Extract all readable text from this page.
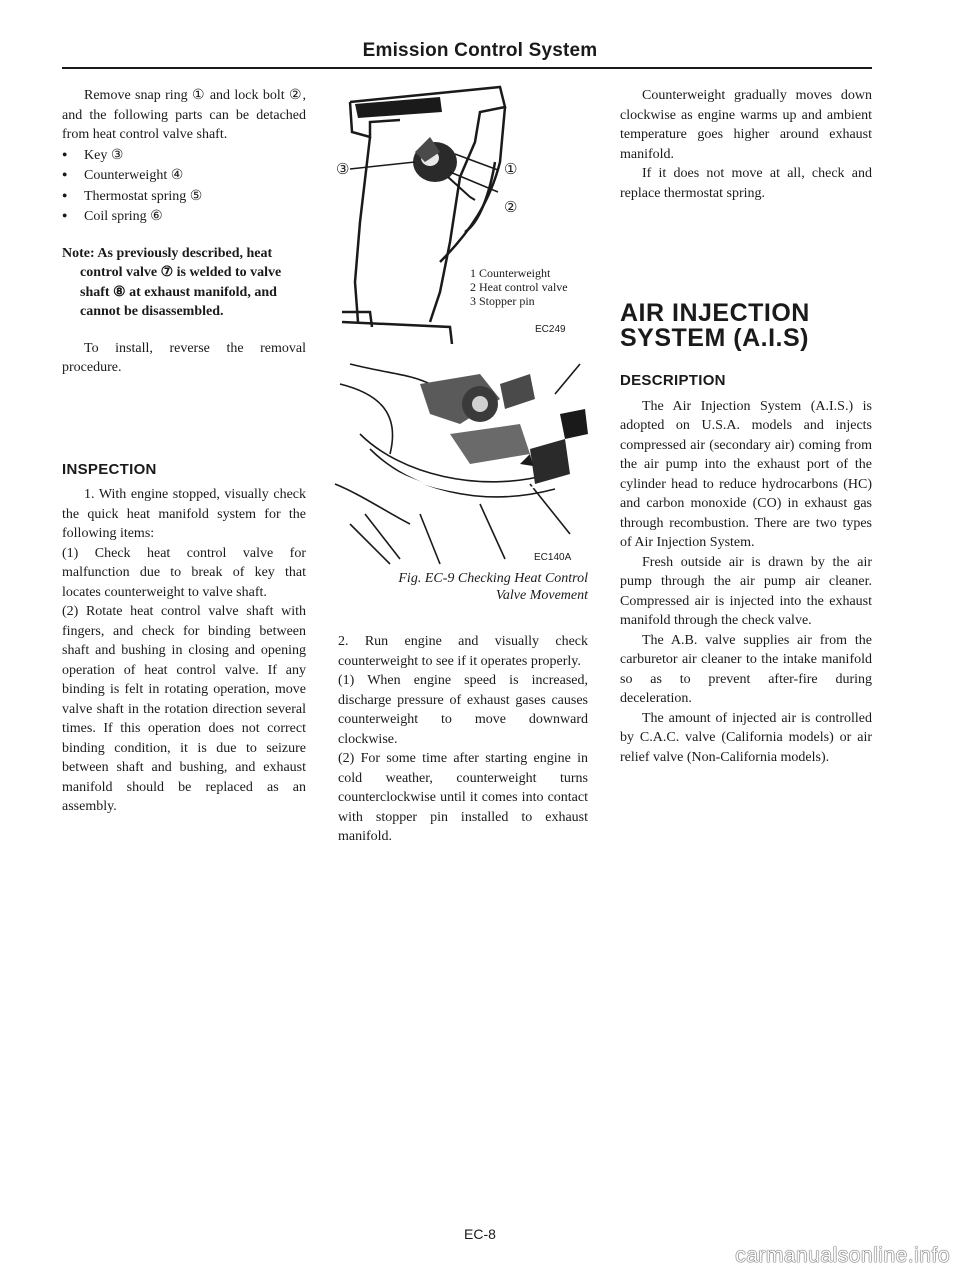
Emission Control System

Remove snap ring ① and lock bolt ②, and the following parts can be detached from heat control valve shaft.

● Key ③

● Counterweight ④

● Thermostat spring ⑤

● Coil spring ⑥

Note: As previously described, heat

control valve ⑦ is welded to valve shaft ⑧ at exhaust manifold, and cannot be disassembled.

To install, reverse the removal procedure.

INSPECTION

1. With engine stopped, visually check the quick heat manifold system for the following items:

(1) Check heat control valve for malfunction due to break of key that locates counterweight to valve shaft.

(2) Rotate heat control valve shaft with fingers, and check for binding between shaft and bushing in closing and opening operation of heat control valve. If any binding is felt in rotating operation, move valve shaft in the rotation direction several times. If this operation does not correct binding condition, it is due to seizure between shaft and bushing, and exhaust manifold should be replaced as an assembly.

①
②
③
1 Counterweight
2 Heat control valve
3 Stopper pin
EC249
EC140A
Fig. EC-9 Checking Heat Control
Valve Movement

2. Run engine and visually check counterweight to see if it operates properly.

(1) When engine speed is increased, discharge pressure of exhaust gases causes counterweight to move downward clockwise.

(2) For some time after starting engine in cold weather, counterweight turns counterclockwise until it comes into contact with stopper pin installed to exhaust manifold.

Counterweight gradually moves down clockwise as engine warms up and ambient temperature goes higher around exhaust manifold.

If it does not move at all, check and replace thermostat spring.

AIR INJECTION
SYSTEM (A.I.S)
DESCRIPTION

The Air Injection System (A.I.S.) is adopted on U.S.A. models and injects compressed air (secondary air) coming from the air pump into the exhaust port of the cylinder head to reduce hydrocarbons (HC) and carbon monoxide (CO) in exhaust gas through recombustion. There are two types of Air Injection System.

Fresh outside air is drawn by the air pump through the air pump air cleaner. Compressed air is injected into the exhaust manifold through the check valve.

The A.B. valve supplies air from the carburetor air cleaner to the intake manifold so as to prevent after-fire during deceleration.

The amount of injected air is controlled by C.A.C. valve (California models) or air relief valve (Non-California models).

EC-8
carmanualsonline.info
